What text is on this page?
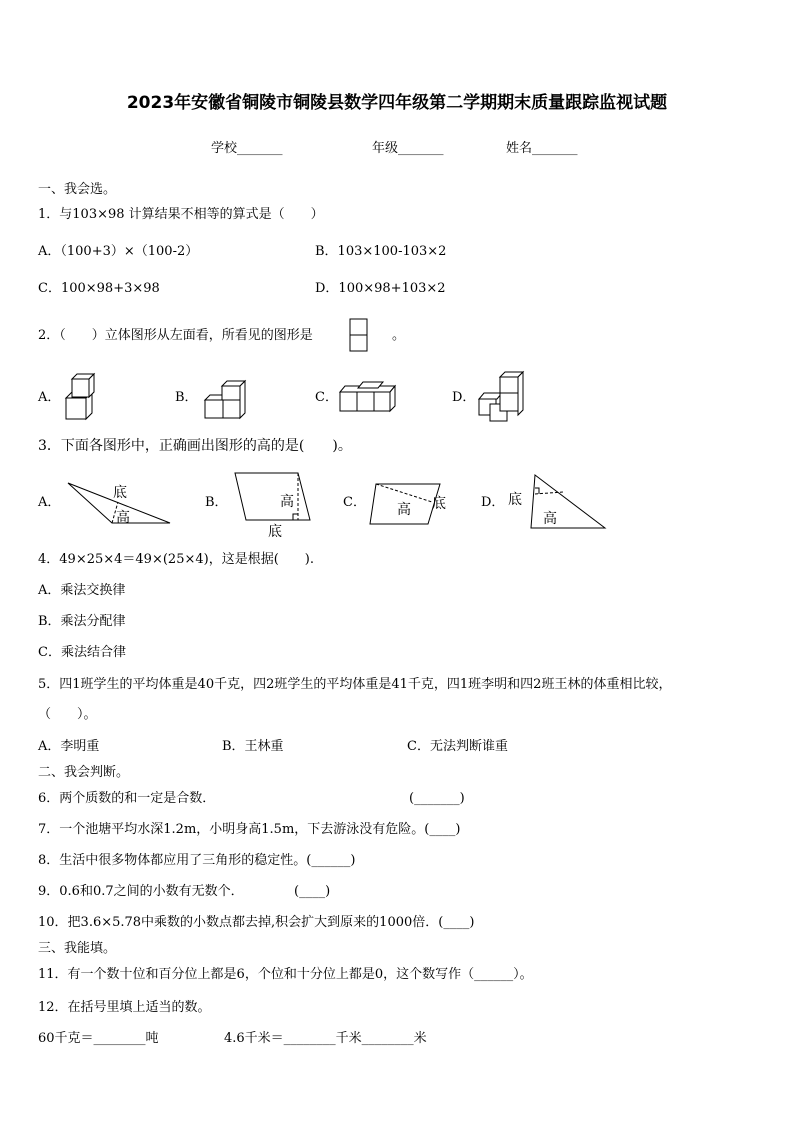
2023年安徽省铜陵市铜陵县数学四年级第二学期期末质量跟踪监视试题
学校_______	年级_______	姓名_______
一、我会选。
1．与103×98 计算结果不相等的算式是（　　）
A．（100+3）×（100-2）	B．103×100-103×2
C．100×98+3×98	D．100×98+103×2
2．（　　）立体图形从左面看，所看见的图形是	。
A．	B．	C．	D．
3．下面各图形中，正确画出图形的高的是(　　)。
A．
底
高
B．	高
底
C． 高 底	D． 底
高
4．49×25×4＝49×(25×4)，这是根据(　　).
A．乘法交换律
B．乘法分配律
C．乘法结合律
5．四1班学生的平均体重是40千克，四2班学生的平均体重是41千克，四1班李明和四2班王林的体重相比较，
（　　）。
A．李明重	B．王林重	C．无法判断谁重
二、我会判断。
6．两个质数的和一定是合数．	(_______)
7．一个池塘平均水深1.2m，小明身高1.5m，下去游泳没有危险。(____)
8．生活中很多物体都应用了三角形的稳定性。(______)
9．0.6和0.7之间的小数有无数个．	(____)
10．把3.6×5.78中乘数的小数点都去掉,积会扩大到原来的1000倍．(____)
三、我能填。
11．有一个数十位和百分位上都是6，个位和十分位上都是0，这个数写作（______）。
12．在括号里填上适当的数。
60千克＝________吨	4.6千米＝________千米________米
